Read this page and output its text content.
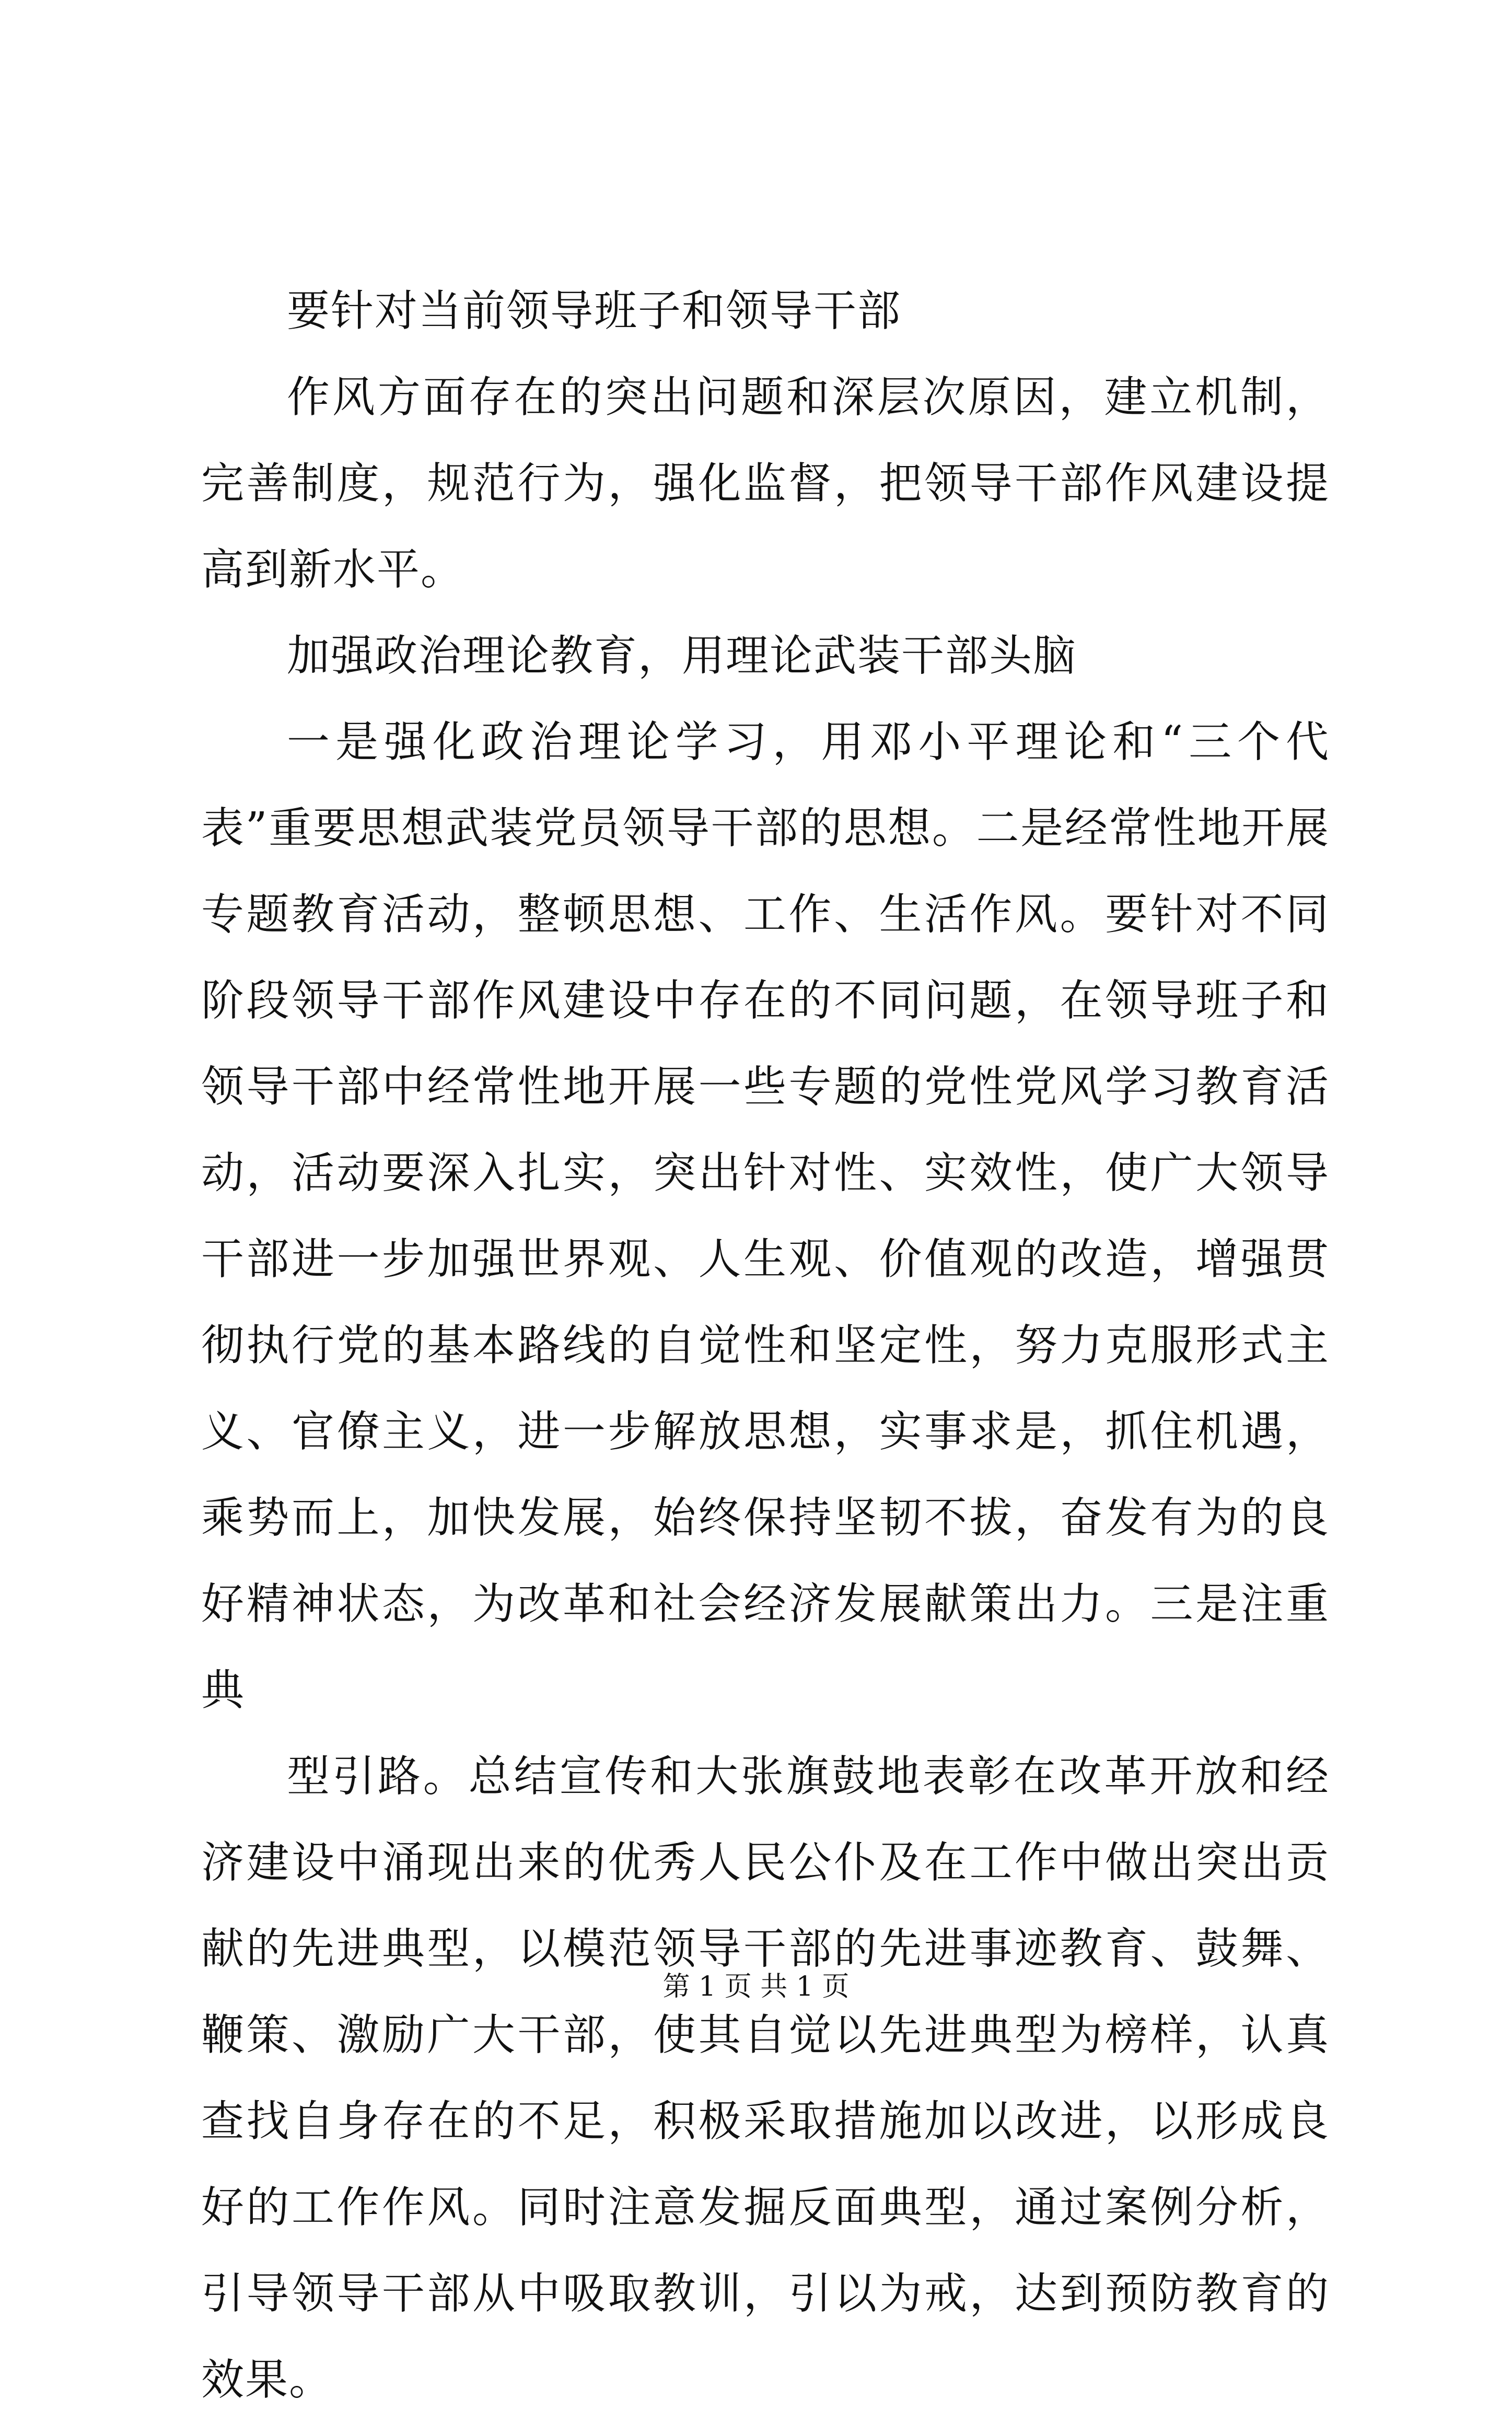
要针对当前领导班子和领导干部

作风方面存在的突出问题和深层次原因，建立机制，完善制度，规范行为，强化监督，把领导干部作风建设提高到新水平。

加强政治理论教育，用理论武装干部头脑

一是强化政治理论学习，用邓小平理论和“三个代表”重要思想武装党员领导干部的思想。二是经常性地开展专题教育活动，整顿思想、工作、生活作风。要针对不同阶段领导干部作风建设中存在的不同问题，在领导班子和领导干部中经常性地开展一些专题的党性党风学习教育活动，活动要深入扎实，突出针对性、实效性，使广大领导干部进一步加强世界观、人生观、价值观的改造，增强贯彻执行党的基本路线的自觉性和坚定性，努力克服形式主义、官僚主义，进一步解放思想，实事求是，抓住机遇，乘势而上，加快发展，始终保持坚韧不拔，奋发有为的良好精神状态，为改革和社会经济发展献策出力。三是注重典

型引路。总结宣传和大张旗鼓地表彰在改革开放和经济建设中涌现出来的优秀人民公仆及在工作中做出突出贡献的先进典型，以模范领导干部的先进事迹教育、鼓舞、鞭策、激励广大干部，使其自觉以先进典型为榜样，认真查找自身存在的不足，积极采取措施加以改进，以形成良好的工作作风。同时注意发掘反面典型，通过案例分析，引导领导干部从中吸取教训，引以为戒，达到预防教育的效果。

第 1 页 共 1 页
